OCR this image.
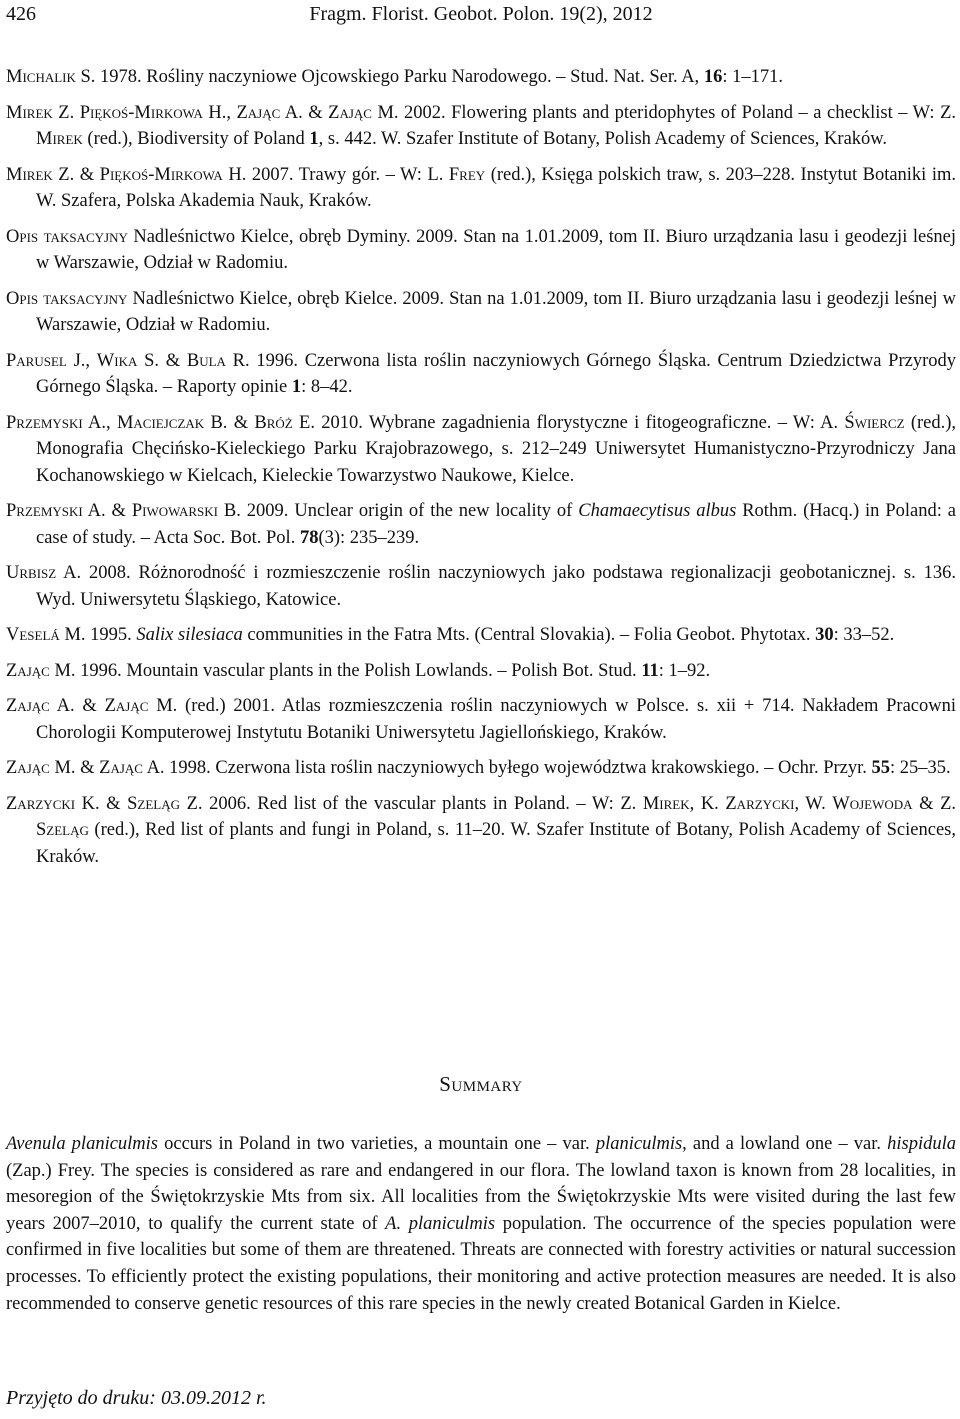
426	Fragm. Florist. Geobot. Polon. 19(2), 2012

Michalik S. 1978. Rośliny naczyniowe Ojcowskiego Parku Narodowego. – Stud. Nat. Ser. A, 16: 1–171.

Mirek Z. Piękoś-Mirkowa H., Zając A. & Zając M. 2002. Flowering plants and pteridophytes of Poland – a checklist – W: Z. Mirek (red.), Biodiversity of Poland 1, s. 442. W. Szafer Institute of Botany, Polish Academy of Sciences, Kraków.

Mirek Z. & Piękoś-Mirkowa H. 2007. Trawy gór. – W: L. Frey (red.), Księga polskich traw, s. 203–228. Instytut Botaniki im. W. Szafera, Polska Akademia Nauk, Kraków.

Opis taksacyjny Nadleśnictwo Kielce, obręb Dyminy. 2009. Stan na 1.01.2009, tom II. Biuro urządzania lasu i geodezji leśnej w Warszawie, Odział w Radomiu.

Opis taksacyjny Nadleśnictwo Kielce, obręb Kielce. 2009. Stan na 1.01.2009, tom II. Biuro urządzania lasu i geodezji leśnej w Warszawie, Odział w Radomiu.

Parusel J., Wika S. & Bula R. 1996. Czerwona lista roślin naczyniowych Górnego Śląska. Centrum Dziedzictwa Przyrody Górnego Śląska. – Raporty opinie 1: 8–42.

Przemyski A., Maciejczak B. & Bróż E. 2010. Wybrane zagadnienia florystyczne i fitogeograficzne. – W: A. Świercz (red.), Monografia Chęcińsko-Kieleckiego Parku Krajobrazowego, s. 212–249 Uniwersytet Humanistyczno-Przyrodniczy Jana Kochanowskiego w Kielcach, Kieleckie Towarzystwo Naukowe, Kielce.

Przemyski A. & Piwowarski B. 2009. Unclear origin of the new locality of Chamaecytisus albus Rothm. (Hacq.) in Poland: a case of study. – Acta Soc. Bot. Pol. 78(3): 235–239.

Urbisz A. 2008. Różnorodność i rozmieszczenie roślin naczyniowych jako podstawa regionalizacji geobotanicznej. s. 136. Wyd. Uniwersytetu Śląskiego, Katowice.

Veselá M. 1995. Salix silesiaca communities in the Fatra Mts. (Central Slovakia). – Folia Geobot. Phytotax. 30: 33–52.

Zając M. 1996. Mountain vascular plants in the Polish Lowlands. – Polish Bot. Stud. 11: 1–92.

Zając A. & Zając M. (red.) 2001. Atlas rozmieszczenia roślin naczyniowych w Polsce. s. xii + 714. Nakładem Pracowni Chorologii Komputerowej Instytutu Botaniki Uniwersytetu Jagiellońskiego, Kraków.

Zając M. & Zając A. 1998. Czerwona lista roślin naczyniowych byłego województwa krakowskiego. – Ochr. Przyr. 55: 25–35.

Zarzycki K. & Szeląg Z. 2006. Red list of the vascular plants in Poland. – W: Z. Mirek, K. Zarzycki, W. Wojewoda & Z. Szeląg (red.), Red list of plants and fungi in Poland, s. 11–20. W. Szafer Institute of Botany, Polish Academy of Sciences, Kraków.

Summary

Avenula planiculmis occurs in Poland in two varieties, a mountain one – var. planiculmis, and a lowland one – var. hispidula (Zap.) Frey. The species is considered as rare and endangered in our flora. The lowland taxon is known from 28 localities, in mesoregion of the Świętokrzyskie Mts from six. All localities from the Świętokrzyskie Mts were visited during the last few years 2007–2010, to qualify the current state of A. planiculmis population. The occurrence of the species population were confirmed in five localities but some of them are threatened. Threats are connected with forestry activities or natural succession processes. To efficiently protect the existing populations, their monitoring and active protection measures are needed. It is also recommended to conserve genetic resources of this rare species in the newly created Botanical Garden in Kielce.

Przyjęto do druku: 03.09.2012 r.
